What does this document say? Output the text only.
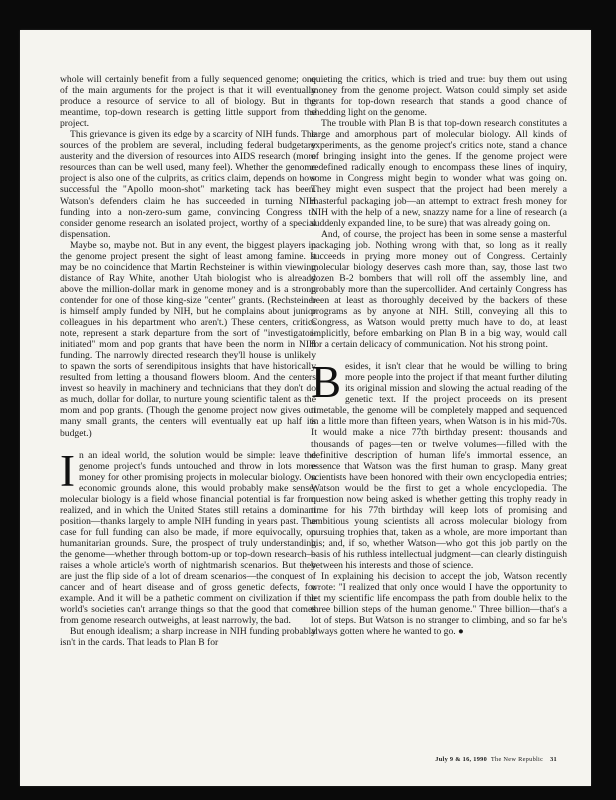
whole will certainly benefit from a fully sequenced genome; one of the main arguments for the project is that it will eventually produce a resource of service to all of biology. But in the meantime, top-down research is getting little support from the project.

This grievance is given its edge by a scarcity of NIH funds. The sources of the problem are several, including federal budgetary austerity and the diversion of resources into AIDS research (more resources than can be well used, many feel). Whether the genome project is also one of the culprits, as critics claim, depends on how successful the "Apollo moon-shot" marketing tack has been. Watson's defenders claim he has succeeded in turning NIH funding into a non-zero-sum game, convincing Congress to consider genome research an isolated project, worthy of a special dispensation.

Maybe so, maybe not. But in any event, the biggest players in the genome project present the sight of least among famine. It may be no coincidence that Martin Rechsteiner is within viewing distance of Ray White, another Utah biologist who is already above the million-dollar mark in genome money and is a strong contender for one of those king-size "center" grants. (Rechsteiner is himself amply funded by NIH, but he complains about junior colleagues in his department who aren't.) These centers, critics note, represent a stark departure from the sort of "investigator-initiated" mom and pop grants that have been the norm in NIH funding. The narrowly directed research they'll house is unlikely to spawn the sorts of serendipitous insights that have historically resulted from letting a thousand flowers bloom. And the centers invest so heavily in machinery and technicians that they don't do as much, dollar for dollar, to nurture young scientific talent as the mom and pop grants. (Though the genome project now gives out many small grants, the centers will eventually eat up half its budget.)

In an ideal world, the solution would be simple: leave the genome project's funds untouched and throw in lots more money for other promising projects in molecular biology. On economic grounds alone, this would probably make sense; molecular biology is a field whose financial potential is far from realized, and in which the United States still retains a dominant position—thanks largely to ample NIH funding in years past. The case for full funding can also be made, if more equivocally, on humanitarian grounds. Sure, the prospect of truly understanding the genome—whether through bottom-up or top-down research—raises a whole article's worth of nightmarish scenarios. But they are just the flip side of a lot of dream scenarios—the conquest of cancer and of heart disease and of gross genetic defects, for example. And it will be a pathetic comment on civilization if the world's societies can't arrange things so that the good that comes from genome research outweighs, at least narrowly, the bad.

But enough idealism; a sharp increase in NIH funding probably isn't in the cards. That leads to Plan B for

quieting the critics, which is tried and true: buy them out using money from the genome project. Watson could simply set aside grants for top-down research that stands a good chance of shedding light on the genome.

The trouble with Plan B is that top-down research constitutes a large and amorphous part of molecular biology. All kinds of experiments, as the genome project's critics note, stand a chance of bringing insight into the genes. If the genome project were redefined radically enough to encompass these lines of inquiry, some in Congress might begin to wonder what was going on. They might even suspect that the project had been merely a masterful packaging job—an attempt to extract fresh money for NIH with the help of a new, snazzy name for a line of research (a suddenly expanded line, to be sure) that was already going on.

And, of course, the project has been in some sense a masterful packaging job. Nothing wrong with that, so long as it really succeeds in prying more money out of Congress. Certainly molecular biology deserves cash more than, say, those last two dozen B-2 bombers that will roll off the assembly line, and probably more than the supercollider. And certainly Congress has been at least as thoroughly deceived by the backers of these programs as by anyone at NIH. Still, conveying all this to Congress, as Watson would pretty much have to do, at least implicitly, before embarking on Plan B in a big way, would call for a certain delicacy of communication. Not his strong point.

Besides, it isn't clear that he would be willing to bring more people into the project if that meant further diluting its original mission and slowing the actual reading of the genetic text. If the project proceeds on its present timetable, the genome will be completely mapped and sequenced in a little more than fifteen years, when Watson is in his mid-70s. It would make a nice 77th birthday present: thousands and thousands of pages—ten or twelve volumes—filled with the definitive description of human life's immortal essence, an essence that Watson was the first human to grasp. Many great scientists have been honored with their own encyclopedia entries; Watson would be the first to get a whole encyclopedia. The question now being asked is whether getting this trophy ready in time for his 77th birthday will keep lots of promising and ambitious young scientists all across molecular biology from pursuing trophies that, taken as a whole, are more important than his; and, if so, whether Watson—who got this job partly on the basis of his ruthless intellectual judgment—can clearly distinguish between his interests and those of science.

In explaining his decision to accept the job, Watson recently wrote: "I realized that only once would I have the opportunity to let my scientific life encompass the path from double helix to the three billion steps of the human genome." Three billion—that's a lot of steps. But Watson is no stranger to climbing, and so far he's always gotten where he wanted to go. ●

July 9 & 16, 1990 The New Republic 31
